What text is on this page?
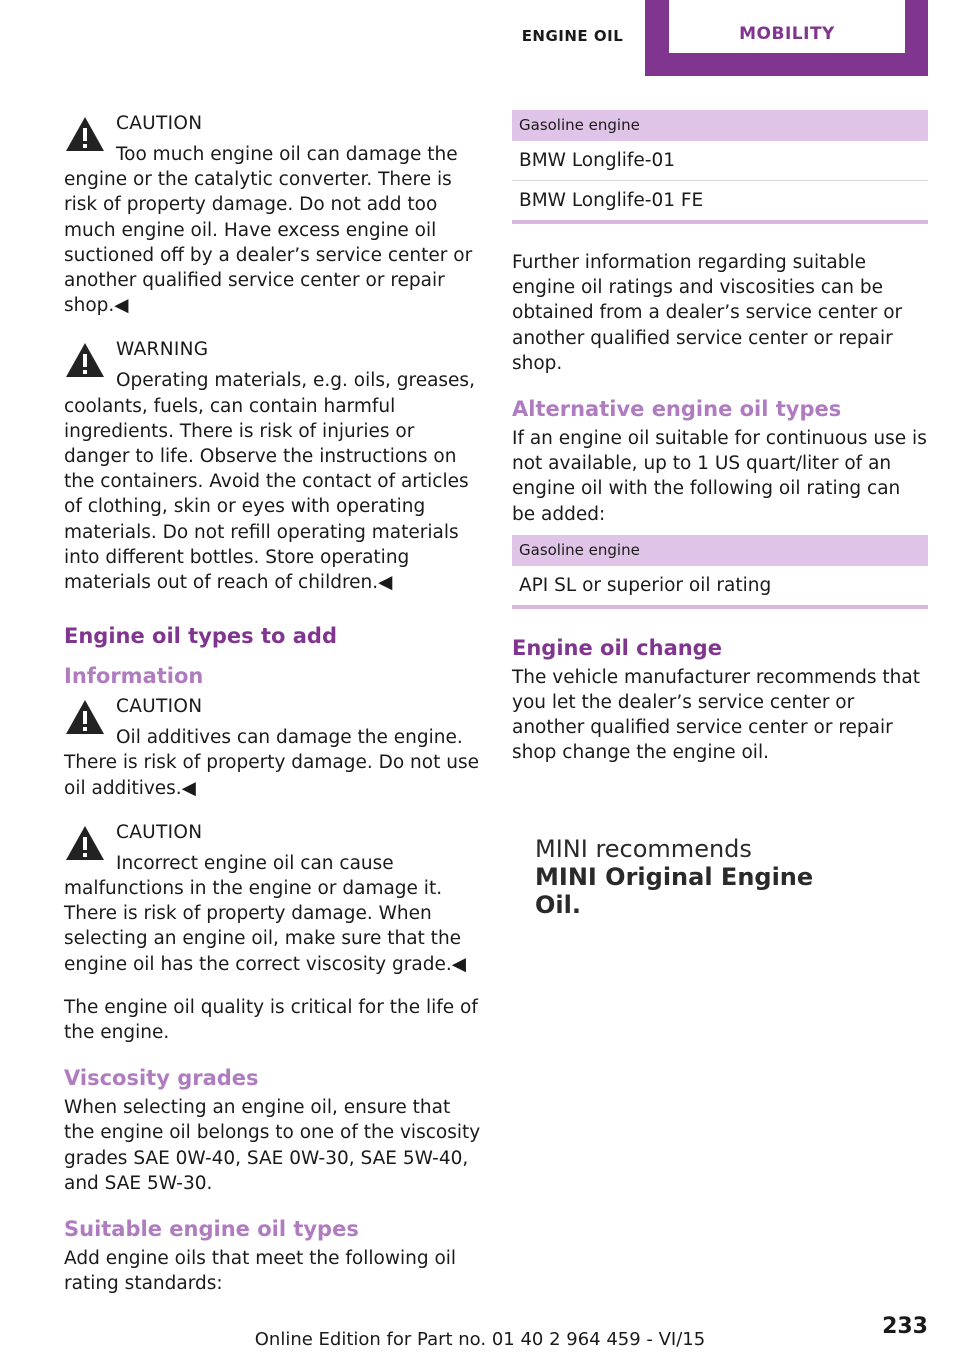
ENGINE OIL	MOBILITY
CAUTION
Too much engine oil can damage the engine or the catalytic converter. There is risk of property damage. Do not add too much engine oil. Have excess engine oil suctioned off by a dealer’s service center or another qualified service center or repair shop.◀
WARNING
Operating materials, e.g. oils, greases, coolants, fuels, can contain harmful ingredients. There is risk of injuries or danger to life. Observe the instructions on the containers. Avoid the contact of articles of clothing, skin or eyes with operating materials. Do not refill operating materials into different bottles. Store operating materials out of reach of children.◀
Engine oil types to add
Information
CAUTION
Oil additives can damage the engine. There is risk of property damage. Do not use oil additives.◀
CAUTION
Incorrect engine oil can cause malfunctions in the engine or damage it. There is risk of property damage. When selecting an engine oil, make sure that the engine oil has the correct viscosity grade.◀

The engine oil quality is critical for the life of the engine.

Viscosity grades

When selecting an engine oil, ensure that the engine oil belongs to one of the viscosity grades SAE 0W-40, SAE 0W-30, SAE 5W-40, and SAE 5W-30.

Suitable engine oil types

Add engine oils that meet the following oil rating standards:

Gasoline engine
BMW Longlife-01
BMW Longlife-01 FE

Further information regarding suitable engine oil ratings and viscosities can be obtained from a dealer’s service center or another qualified service center or repair shop.

Alternative engine oil types

If an engine oil suitable for continuous use is not available, up to 1 US quart/liter of an engine oil with the following oil rating can be added:

Gasoline engine
API SL or superior oil rating
Engine oil change

The vehicle manufacturer recommends that you let the dealer’s service center or another qualified service center or repair shop change the engine oil.

MINI recommends
MINI Original Engine Oil.
Online Edition for Part no. 01 40 2 964 459 - VI/15
233
